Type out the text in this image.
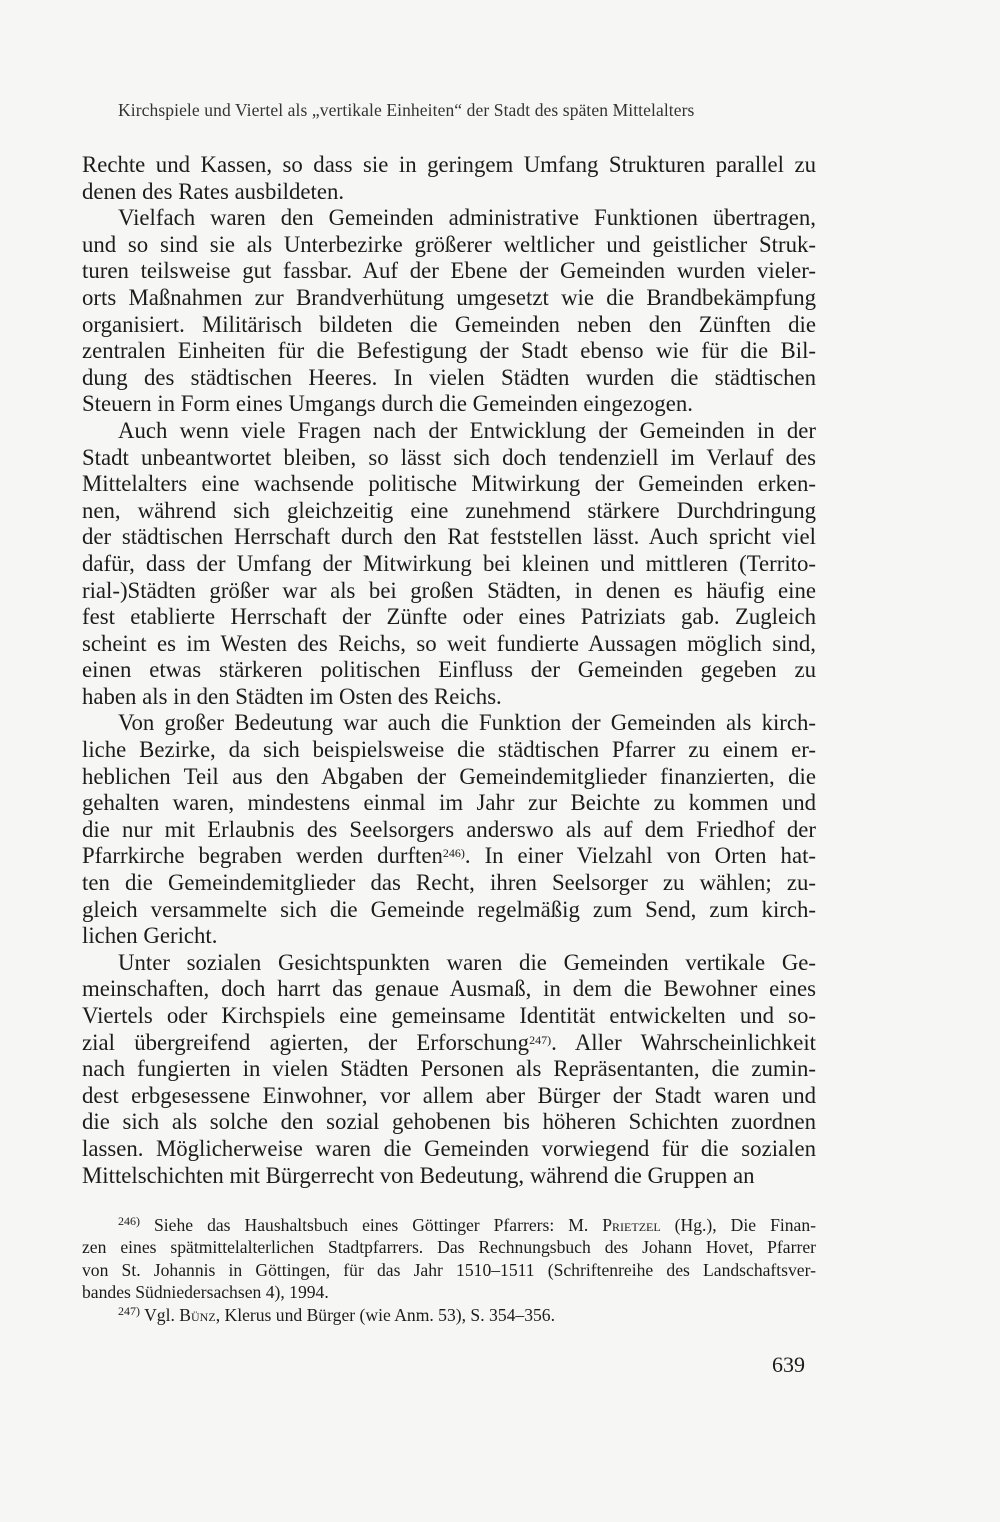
Kirchspiele und Viertel als „vertikale Einheiten“ der Stadt des späten Mittelalters
Rechte und Kassen, so dass sie in geringem Umfang Strukturen parallel zu
denen des Rates ausbildeten.
Vielfach waren den Gemeinden administrative Funktionen übertragen,
und so sind sie als Unterbezirke größerer weltlicher und geistlicher Struk-
turen teilsweise gut fassbar. Auf der Ebene der Gemeinden wurden vieler-
orts Maßnahmen zur Brandverhütung umgesetzt wie die Brandbekämpfung
organisiert. Militärisch bildeten die Gemeinden neben den Zünften die
zentralen Einheiten für die Befestigung der Stadt ebenso wie für die Bil-
dung des städtischen Heeres. In vielen Städten wurden die städtischen
Steuern in Form eines Umgangs durch die Gemeinden eingezogen.
Auch wenn viele Fragen nach der Entwicklung der Gemeinden in der
Stadt unbeantwortet bleiben, so lässt sich doch tendenziell im Verlauf des
Mittelalters eine wachsende politische Mitwirkung der Gemeinden erken-
nen, während sich gleichzeitig eine zunehmend stärkere Durchdringung
der städtischen Herrschaft durch den Rat feststellen lässt. Auch spricht viel
dafür, dass der Umfang der Mitwirkung bei kleinen und mittleren (Territo-
rial-)Städten größer war als bei großen Städten, in denen es häufig eine
fest etablierte Herrschaft der Zünfte oder eines Patriziats gab. Zugleich
scheint es im Westen des Reichs, so weit fundierte Aussagen möglich sind,
einen etwas stärkeren politischen Einfluss der Gemeinden gegeben zu
haben als in den Städten im Osten des Reichs.
Von großer Bedeutung war auch die Funktion der Gemeinden als kirch-
liche Bezirke, da sich beispielsweise die städtischen Pfarrer zu einem er-
heblichen Teil aus den Abgaben der Gemeindemitglieder finanzierten, die
gehalten waren, mindestens einmal im Jahr zur Beichte zu kommen und
die nur mit Erlaubnis des Seelsorgers anderswo als auf dem Friedhof der
Pfarrkirche begraben werden durften$^{246)}$. In einer Vielzahl von Orten hat-
ten die Gemeindemitglieder das Recht, ihren Seelsorger zu wählen; zu-
gleich versammelte sich die Gemeinde regelmäßig zum Send, zum kirch-
lichen Gericht.
Unter sozialen Gesichtspunkten waren die Gemeinden vertikale Ge-
meinschaften, doch harrt das genaue Ausmaß, in dem die Bewohner eines
Viertels oder Kirchspiels eine gemeinsame Identität entwickelten und so-
zial übergreifend agierten, der Erforschung$^{247)}$. Aller Wahrscheinlichkeit
nach fungierten in vielen Städten Personen als Repräsentanten, die zumin-
dest erbgesessene Einwohner, vor allem aber Bürger der Stadt waren und
die sich als solche den sozial gehobenen bis höheren Schichten zuordnen
lassen. Möglicherweise waren die Gemeinden vorwiegend für die sozialen
Mittelschichten mit Bürgerrecht von Bedeutung, während die Gruppen an
$^{246)}$ Siehe das Haushaltsbuch eines Göttinger Pfarrers: M. Prietzel (Hg.), Die Finan-
zen eines spätmittelalterlichen Stadtpfarrers. Das Rechnungsbuch des Johann Hovet, Pfarrer
von St. Johannis in Göttingen, für das Jahr 1510–1511 (Schriftenreihe des Landschaftsver-
bandes Südniedersachsen 4), 1994.
$^{247)}$ Vgl. Bünz, Klerus und Bürger (wie Anm. 53), S. 354–356.
639
